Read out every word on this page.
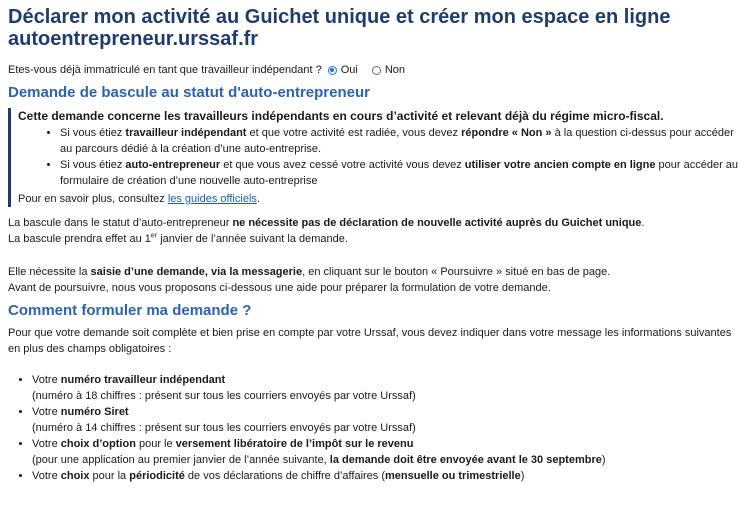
Déclarer mon activité au Guichet unique et créer mon espace en ligne
autoentrepreneur.urssaf.fr
Etes-vous déjà immatriculé en tant que travailleur indépendant ? Oui Non
Demande de bascule au statut d'auto-entrepreneur
Cette demande concerne les travailleurs indépendants en cours d’activité et relevant déjà du régime micro-fiscal.
• Si vous étiez travailleur indépendant et que votre activité est radiée, vous devez répondre « Non » à la question ci-dessus pour accéder au parcours dédié à la création d’une auto-entreprise.
• Si vous étiez auto-entrepreneur et que vous avez cessé votre activité vous devez utiliser votre ancien compte en ligne pour accéder au formulaire de création d’une nouvelle auto-entreprise
Pour en savoir plus, consultez les guides officiels.

La bascule dans le statut d’auto-entrepreneur ne nécessite pas de déclaration de nouvelle activité auprès du Guichet unique.
La bascule prendra effet au 1er janvier de l’année suivant la demande.

Elle nécessite la saisie d’une demande, via la messagerie, en cliquant sur le bouton « Poursuivre » situé en bas de page.
Avant de poursuivre, nous vous proposons ci-dessous une aide pour préparer la formulation de votre demande.

Comment formuler ma demande ?

Pour que votre demande soit complète et bien prise en compte par votre Urssaf, vous devez indiquer dans votre message les informations suivantes en plus des champs obligatoires :

• Votre numéro travailleur indépendant
(numéro à 18 chiffres : présent sur tous les courriers envoyés par votre Urssaf)
• Votre numéro Siret
(numéro à 14 chiffres : présent sur tous les courriers envoyés par votre Urssaf)
• Votre choix d’option pour le versement libératoire de l’impôt sur le revenu
(pour une application au premier janvier de l’année suivante, la demande doit être envoyée avant le 30 septembre)
• Votre choix pour la périodicité de vos déclarations de chiffre d’affaires (mensuelle ou trimestrielle)
